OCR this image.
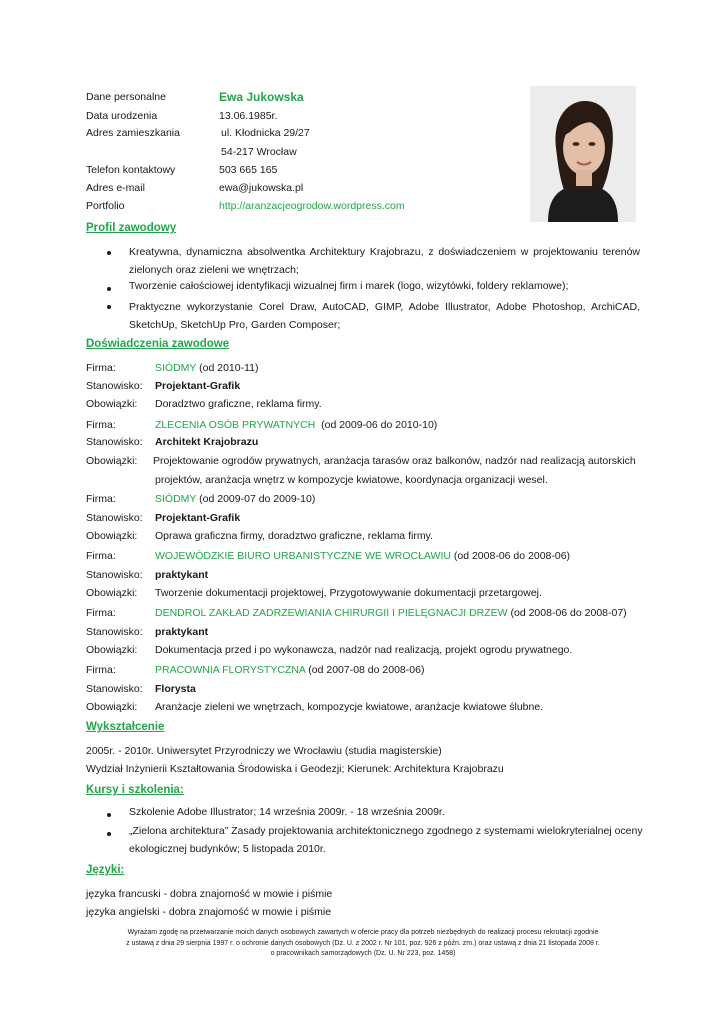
Dane personalne	Ewa Jukowska
Data urodzenia	13.06.1985r.
Adres zamieszkania	ul. Kłodnicka 29/27
54-217 Wrocław
Telefon kontaktowy	503 665 165
Adres e-mail	ewa@jukowska.pl
Portfolio	http://aranzacjeogrodow.wordpress.com
Profil zawodowy
Kreatywna, dynamiczna absolwentka Architektury Krajobrazu, z doświadczeniem w projektowaniu terenów zielonych oraz zieleni we wnętrzach;
Tworzenie całościowej identyfikacji wizualnej firm i marek (logo, wizytówki, foldery reklamowe);
Praktyczne wykorzystanie Corel Draw, AutoCAD, GIMP, Adobe Illustrator, Adobe Photoshop, ArchiCAD, SketchUp, SketchUp Pro, Garden Composer;
Doświadczenia zawodowe
Firma:	SIÓDMY (od 2010-11)
Stanowisko: Projektant-Grafik
Obowiązki: Doradztwo graficzne, reklama firmy.
Firma:	ZLECENIA OSÓB PRYWATNYCH (od 2009-06 do 2010-10)
Stanowisko: Architekt Krajobrazu
Obowiązki: Projektowanie ogrodów prywatnych, aranżacja tarasów oraz balkonów, nadzór nad realizacją autorskich
projektów, aranżacja wnętrz w kompozycje kwiatowe, koordynacja organizacji wesel.
Firma:	SIÓDMY (od 2009-07 do 2009-10)
Stanowisko: Projektant-Grafik
Obowiązki: Oprawa graficzna firmy, doradztwo graficzne, reklama firmy.
Firma:	WOJEWÓDZKIE BIURO URBANISTYCZNE WE WROCŁAWIU (od 2008-06 do 2008-06)
Stanowisko: praktykant
Obowiązki: Tworzenie dokumentacji projektowej, Przygotowywanie dokumentacji przetargowej.
Firma:	DENDROL ZAKŁAD ZADRZEWIANIA CHIRURGII I PIELĘGNACJI DRZEW (od 2008-06 do 2008-07)
Stanowisko: praktykant
Obowiązki: Dokumentacja przed i po wykonawcza, nadzór nad realizacją, projekt ogrodu prywatnego.
Firma:	PRACOWNIA FLORYSTYCZNA (od 2007-08 do 2008-06)
Stanowisko: Florysta
Obowiązki: Aranżacje zieleni we wnętrzach, kompozycje kwiatowe, aranżacje kwiatowe ślubne.
Wykształcenie
2005r. - 2010r. Uniwersytet Przyrodniczy we Wrocławiu (studia magisterskie)
Wydział Inżynierii Kształtowania Środowiska i Geodezji; Kierunek: Architektura Krajobrazu
Kursy i szkolenia:
Szkolenie Adobe Illustrator; 14 września 2009r. - 18 września 2009r.
„Zielona architektura” Zasady projektowania architektonicznego zgodnego z systemami wielokryterialnej oceny
ekologicznej budynków; 5 listopada 2010r.
Języki:
języka francuski - dobra znajomość w mowie i piśmie
języka angielski - dobra znajomość w mowie i piśmie
Wyrażam zgodę na przetwarzanie moich danych osobowych zawartych w ofercie pracy dla potrzeb niezbędnych do realizacji procesu rekrutacji zgodnie
z ustawą z dnia 29 sierpnia 1997 r. o ochronie danych osobowych (Dz. U. z 2002 r. Nr 101, poz. 926 z późn. zm.) oraz ustawą z dnia 21 listopada 2008 r.
o pracownikach samorządowych (Dz. U. Nr 223, poz. 1458)
